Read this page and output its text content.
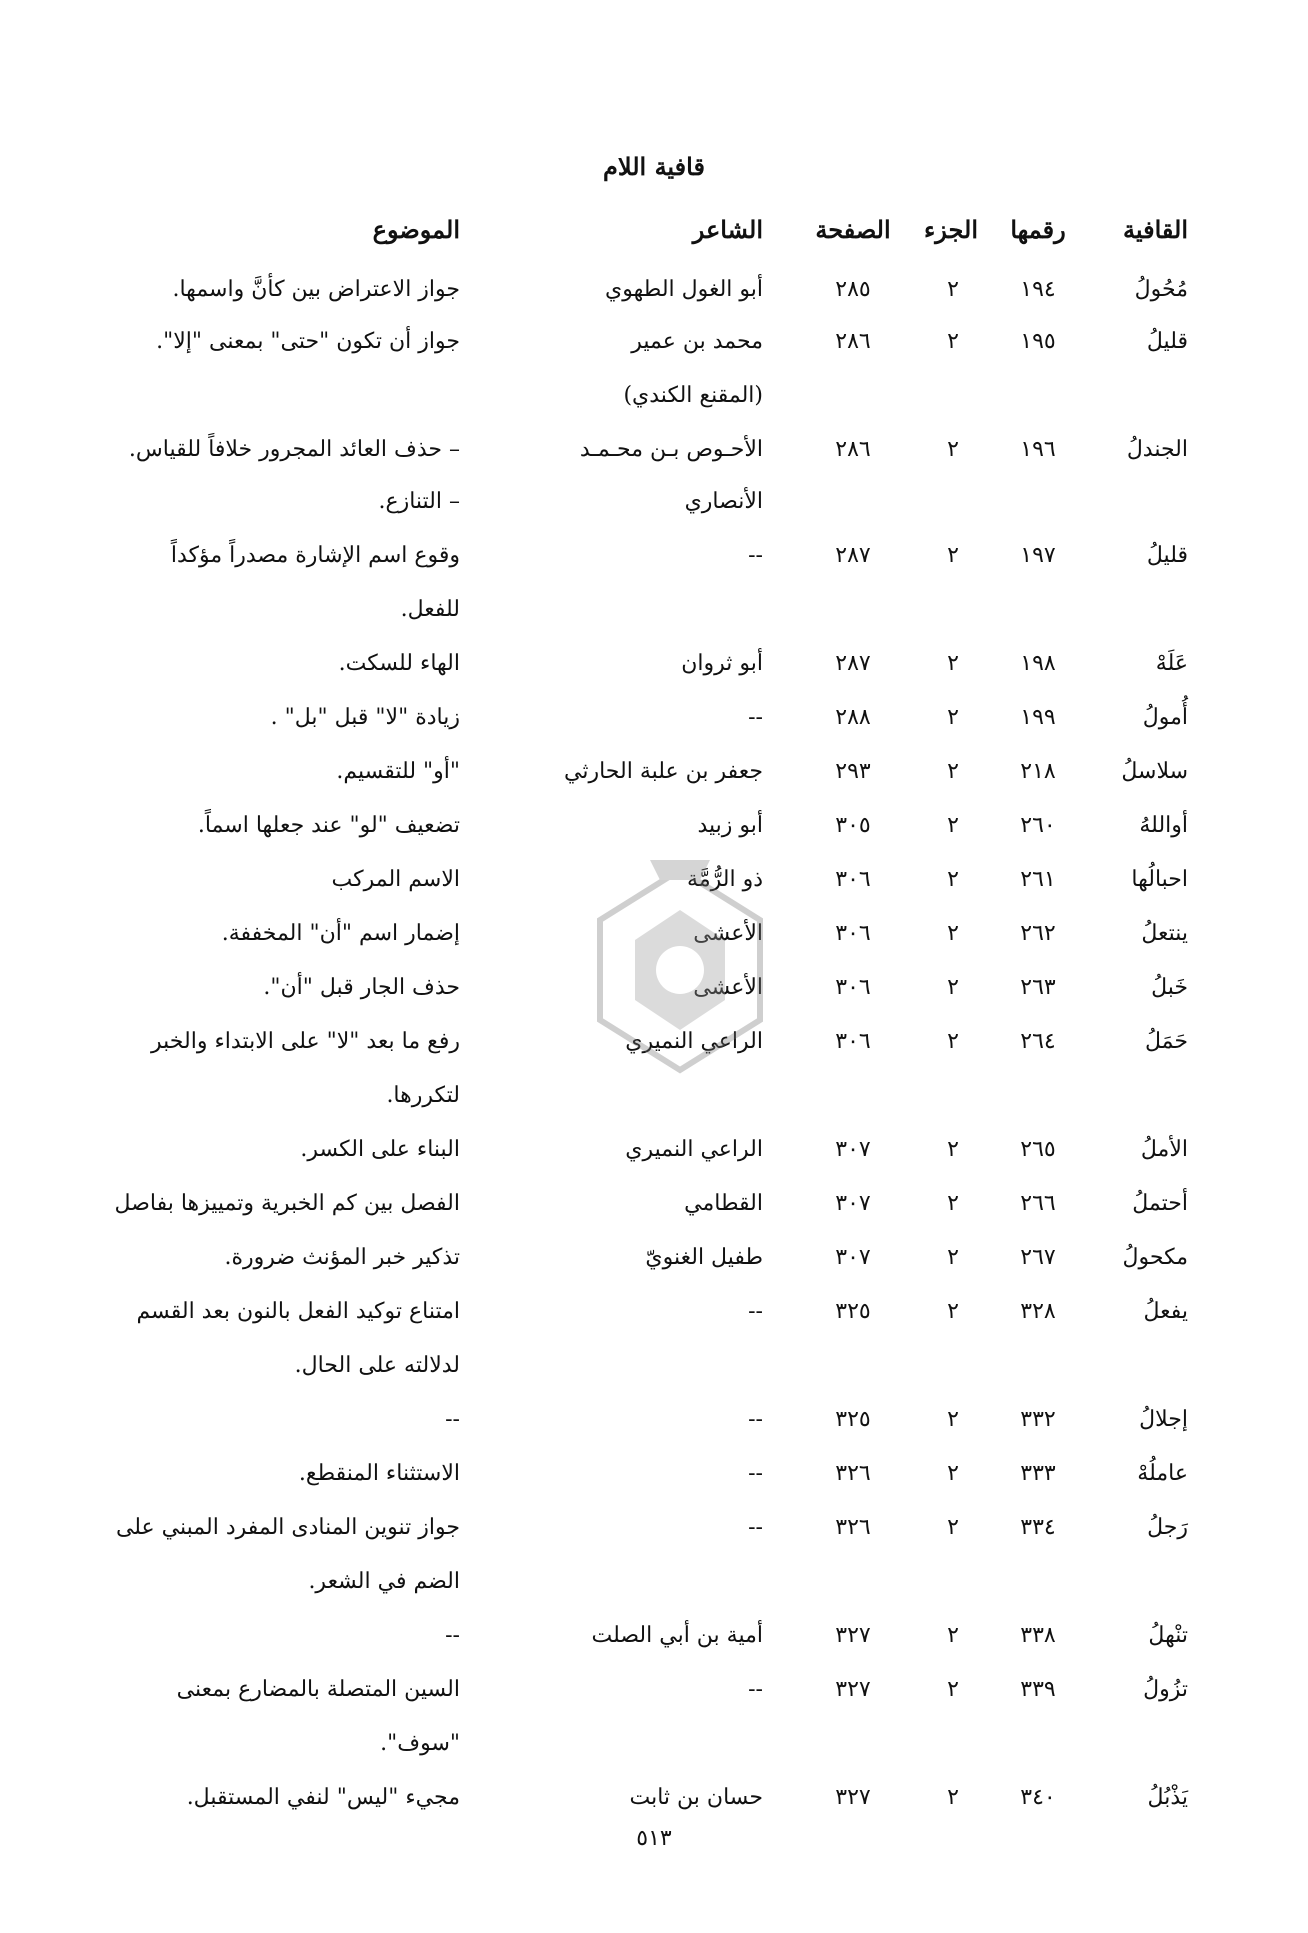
قافية اللام
القافية
رقمها
الجزء
الصفحة
الشاعر
الموضوع
مُحُولُ
١٩٤
٢
٢٨٥
أبو الغول الطهوي
جواز الاعتراض بين كأنَّ واسمها.
قليلُ
١٩٥
٢
٢٨٦
محمد بن عمير
جواز أن تكون "حتى" بمعنى "إلا".
(المقنع الكندي)
الجندلُ
١٩٦
٢
٢٨٦
الأحـوص بـن محـمـد
– حذف العائد المجرور خلافاً للقياس.
الأنصاري
– التنازع.
قليلُ
١٩٧
٢
٢٨٧
--
وقوع اسم الإشارة مصدراً مؤكداً
للفعل.
عَلَهْ
١٩٨
٢
٢٨٧
أبو ثروان
الهاء للسكت.
أُمولُ
١٩٩
٢
٢٨٨
--
زيادة "لا" قبل "بل" .
سلاسلُ
٢١٨
٢
٢٩٣
جعفر بن علبة الحارثي
"أو" للتقسيم.
أواللهُ
٢٦٠
٢
٣٠٥
أبو زبيد
تضعيف "لو" عند جعلها اسماً.
احبالُها
٢٦١
٢
٣٠٦
ذو الرُّمَّة
الاسم المركب
ينتعلُ
٢٦٢
٢
٣٠٦
الأعشى
إضمار اسم "أن" المخففة.
خَبلُ
٢٦٣
٢
٣٠٦
الأعشى
حذف الجار قبل "أن".
حَمَلُ
٢٦٤
٢
٣٠٦
الراعي النميري
رفع ما بعد "لا" على الابتداء والخبر
لتكررها.
الأملُ
٢٦٥
٢
٣٠٧
الراعي النميري
البناء على الكسر.
أحتملُ
٢٦٦
٢
٣٠٧
القطامي
الفصل بين كم الخبرية وتمييزها بفاصل
مكحولُ
٢٦٧
٢
٣٠٧
طفيل الغنويّ
تذكير خبر المؤنث ضرورة.
يفعلُ
٣٢٨
٢
٣٢٥
--
امتناع توكيد الفعل بالنون بعد القسم
لدلالته على الحال.
إجلالُ
٣٣٢
٢
٣٢٥
--
--
عاملُهْ
٣٣٣
٢
٣٢٦
--
الاستثناء المنقطع.
رَجلُ
٣٣٤
٢
٣٢٦
--
جواز تنوين المنادى المفرد المبني على
الضم في الشعر.
تنْهلُ
٣٣٨
٢
٣٢٧
أمية بن أبي الصلت
--
تزُولُ
٣٣٩
٢
٣٢٧
--
السين المتصلة بالمضارع بمعنى
"سوف".
يَذْبُلُ
٣٤٠
٢
٣٢٧
حسان بن ثابت
مجيء "ليس" لنفي المستقبل.
٥١٣
